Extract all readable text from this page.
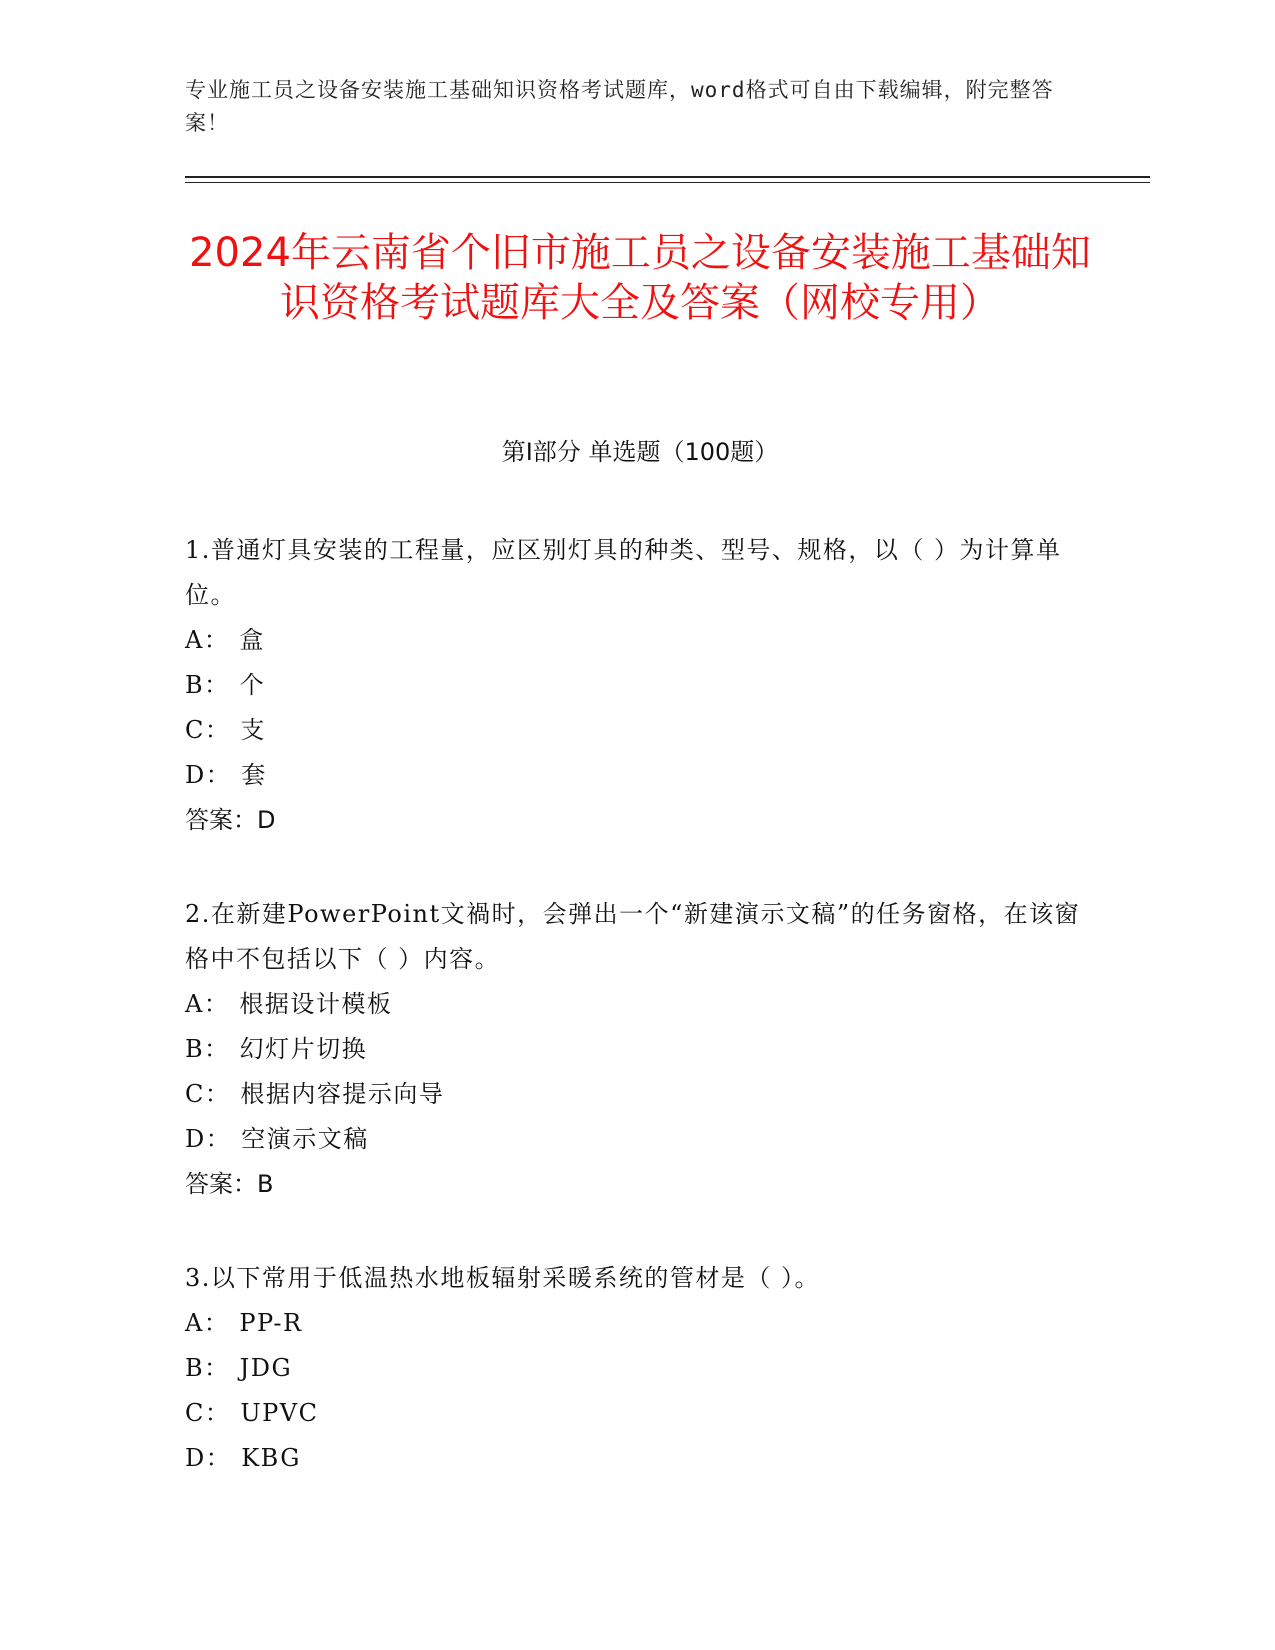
专业施工员之设备安装施工基础知识资格考试题库，word格式可自由下载编辑，附完整答案！
2024年云南省个旧市施工员之设备安装施工基础知识资格考试题库大全及答案（网校专用）
第I部分 单选题（100题）

1.普通灯具安装的工程量，应区别灯具的种类、型号、规格，以（ ）为计算单位。

A： 盒
B： 个
C： 支
D： 套
答案：D

2.在新建PowerPoint文禍时，会弹出一个“新建演示文稿”的任务窗格，在该窗格中不包括以下（ ）内容。

A： 根据设计模板
B： 幻灯片切换
C： 根据内容提示向导
D： 空演示文稿
答案：B

3.以下常用于低温热水地板辐射采暖系统的管材是（ ）。

A： PP-R
B： JDG
C： UPVC
D： KBG
